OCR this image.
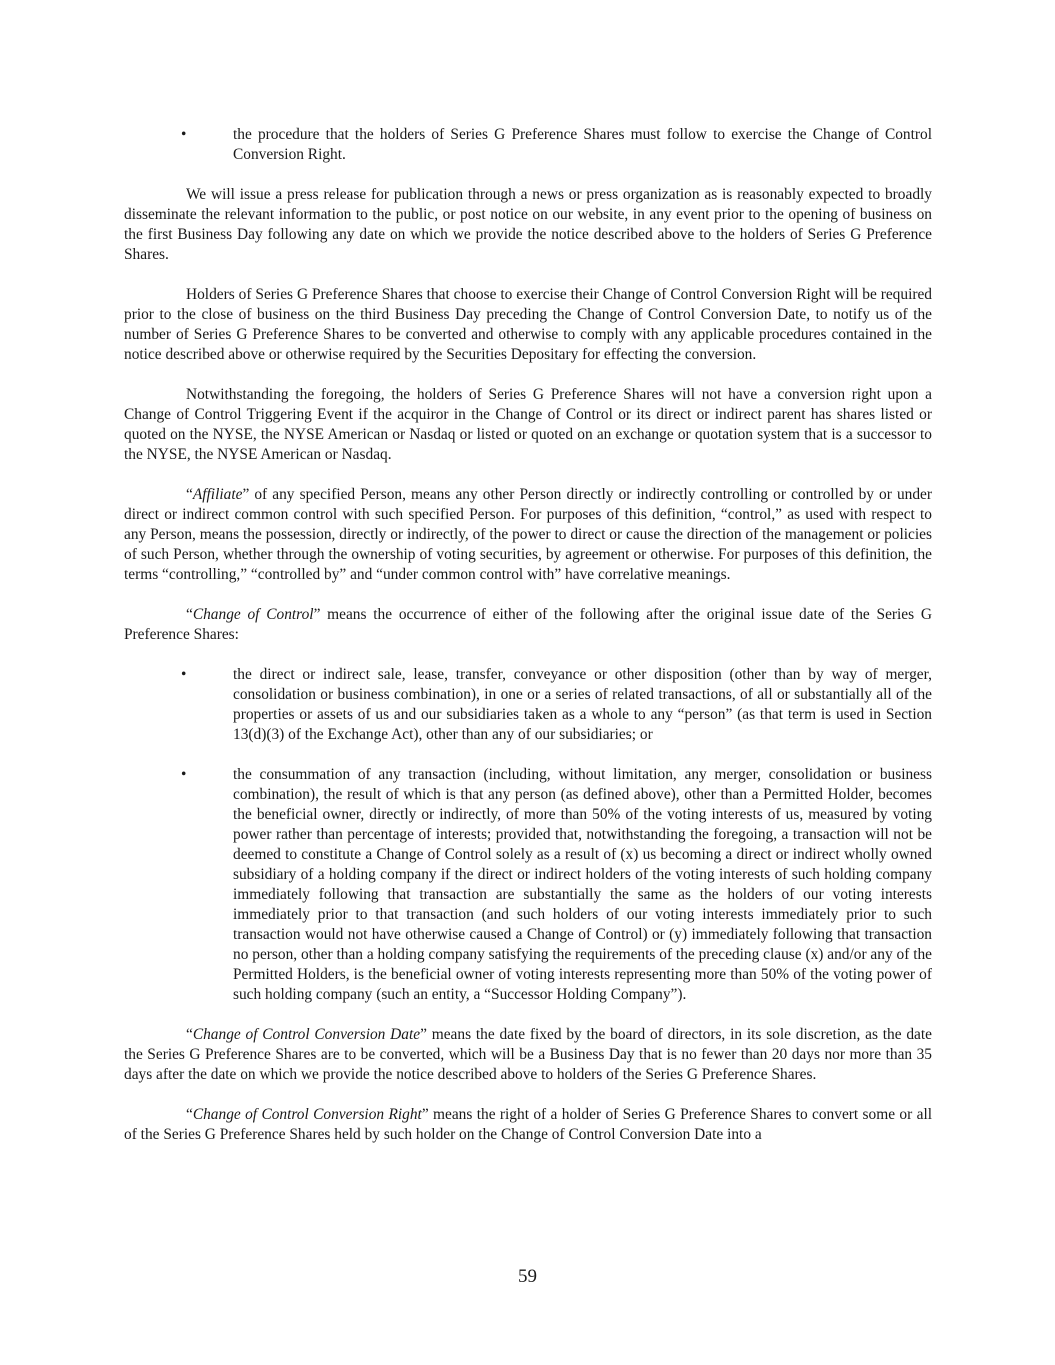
•	the procedure that the holders of Series G Preference Shares must follow to exercise the Change of Control Conversion Right.

We will issue a press release for publication through a news or press organization as is reasonably expected to broadly disseminate the relevant information to the public, or post notice on our website, in any event prior to the opening of business on the first Business Day following any date on which we provide the notice described above to the holders of Series G Preference Shares.

Holders of Series G Preference Shares that choose to exercise their Change of Control Conversion Right will be required prior to the close of business on the third Business Day preceding the Change of Control Conversion Date, to notify us of the number of Series G Preference Shares to be converted and otherwise to comply with any applicable procedures contained in the notice described above or otherwise required by the Securities Depositary for effecting the conversion.

Notwithstanding the foregoing, the holders of Series G Preference Shares will not have a conversion right upon a Change of Control Triggering Event if the acquiror in the Change of Control or its direct or indirect parent has shares listed or quoted on the NYSE, the NYSE American or Nasdaq or listed or quoted on an exchange or quotation system that is a successor to the NYSE, the NYSE American or Nasdaq.

“Affiliate” of any specified Person, means any other Person directly or indirectly controlling or controlled by or under direct or indirect common control with such specified Person. For purposes of this definition, “control,” as used with respect to any Person, means the possession, directly or indirectly, of the power to direct or cause the direction of the management or policies of such Person, whether through the ownership of voting securities, by agreement or otherwise. For purposes of this definition, the terms “controlling,” “controlled by” and “under common control with” have correlative meanings.

“Change of Control” means the occurrence of either of the following after the original issue date of the Series G Preference Shares:

•	the direct or indirect sale, lease, transfer, conveyance or other disposition (other than by way of merger, consolidation or business combination), in one or a series of related transactions, of all or substantially all of the properties or assets of us and our subsidiaries taken as a whole to any “person” (as that term is used in Section 13(d)(3) of the Exchange Act), other than any of our subsidiaries; or

•	the consummation of any transaction (including, without limitation, any merger, consolidation or business combination), the result of which is that any person (as defined above), other than a Permitted Holder, becomes the beneficial owner, directly or indirectly, of more than 50% of the voting interests of us, measured by voting power rather than percentage of interests; provided that, notwithstanding the foregoing, a transaction will not be deemed to constitute a Change of Control solely as a result of (x) us becoming a direct or indirect wholly owned subsidiary of a holding company if the direct or indirect holders of the voting interests of such holding company immediately following that transaction are substantially the same as the holders of our voting interests immediately prior to that transaction (and such holders of our voting interests immediately prior to such transaction would not have otherwise caused a Change of Control) or (y) immediately following that transaction no person, other than a holding company satisfying the requirements of the preceding clause (x) and/or any of the Permitted Holders, is the beneficial owner of voting interests representing more than 50% of the voting power of such holding company (such an entity, a “Successor Holding Company”).

“Change of Control Conversion Date” means the date fixed by the board of directors, in its sole discretion, as the date the Series G Preference Shares are to be converted, which will be a Business Day that is no fewer than 20 days nor more than 35 days after the date on which we provide the notice described above to holders of the Series G Preference Shares.

“Change of Control Conversion Right” means the right of a holder of Series G Preference Shares to convert some or all of the Series G Preference Shares held by such holder on the Change of Control Conversion Date into a

59
